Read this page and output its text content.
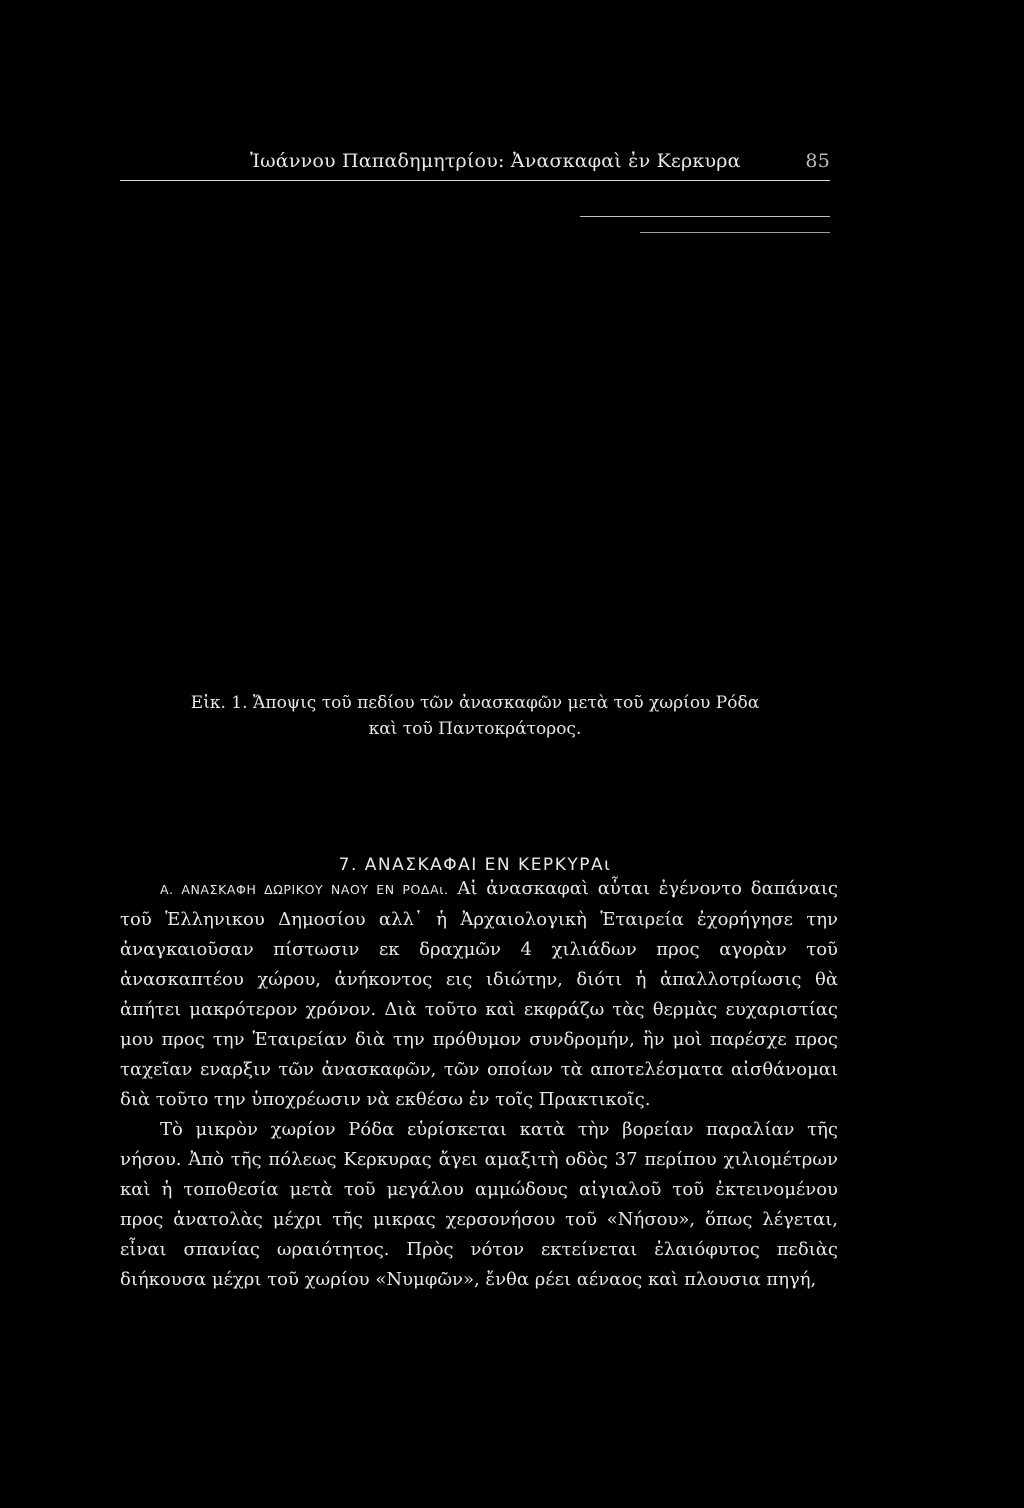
Ἰωάννου Παπαδημητρίου: Ἀνασκαφαὶ ἐν Κερκυρα	85
Εἰκ. 1. Ἄποψις τοῦ πεδίου τῶν ἀνασκαφῶν μετὰ τοῦ χωρίου Ρόδα
καὶ τοῦ Παντοκράτορος.
7. ΑΝΑΣΚΑΦΑΙ ΕΝ ΚΕΡΚΥΡΑι

Α. ΑΝΑΣΚΑΦΗ ΔΩΡΙΚΟΥ ΝΑΟΥ ΕΝ ΡΟΔΑι. Αἱ ἀνασκαφαὶ αὗται ἐγένοντο δαπάναις τοῦ Ἑλληνικου Δημοσίου αλλ᾽ ἡ Ἀρχαιολογικὴ Ἑταιρεία ἐχορήγησε την ἀναγκαιοῦσαν πίστωσιν εκ δραχμῶν 4 χιλιάδων προς αγορὰν τοῦ ἀνασκαπτέου χώρου, ἀνήκοντος εις ιδιώτην, διότι ἡ ἀπαλλοτρίωσις θὰ ἀπήτει μακρότερον χρόνον. Διὰ τοῦτο καὶ εκφράζω τὰς θερμὰς ευχαριστίας μου προς την Ἑταιρείαν διὰ την πρόθυμον συνδρομήν, ἣν μοὶ παρέσχε προς ταχεῖαν εναρξιν τῶν ἀνασκαφῶν, τῶν οποίων τὰ αποτελέσματα αἰσθάνομαι διὰ τοῦτο την ὑποχρέωσιν νὰ εκθέσω ἐν τοῖς Πρακτικοῖς.

Τὸ μικρὸν χωρίον Ρόδα εὑρίσκεται κατὰ τὴν βορείαν παραλίαν τῆς νήσου. Ἀπὸ τῆς πόλεως Κερκυρας ἄγει αμαξιτὴ οδὸς 37 περίπου χιλιομέτρων καὶ ἡ τοποθεσία μετὰ τοῦ μεγάλου αμμώδους αἰγιαλοῦ τοῦ ἐκτεινομένου προς ἀνατολὰς μέχρι τῆς μικρας χερσονήσου τοῦ «Νήσου», ὅπως λέγεται, εἶναι σπανίας ωραιότητος. Πρὸς νότον εκτείνεται ἐλαιόφυτος πεδιὰς διήκουσα μέχρι τοῦ χωρίου «Νυμφῶν», ἔνθα ρέει αέναος καὶ πλουσια πηγή,
